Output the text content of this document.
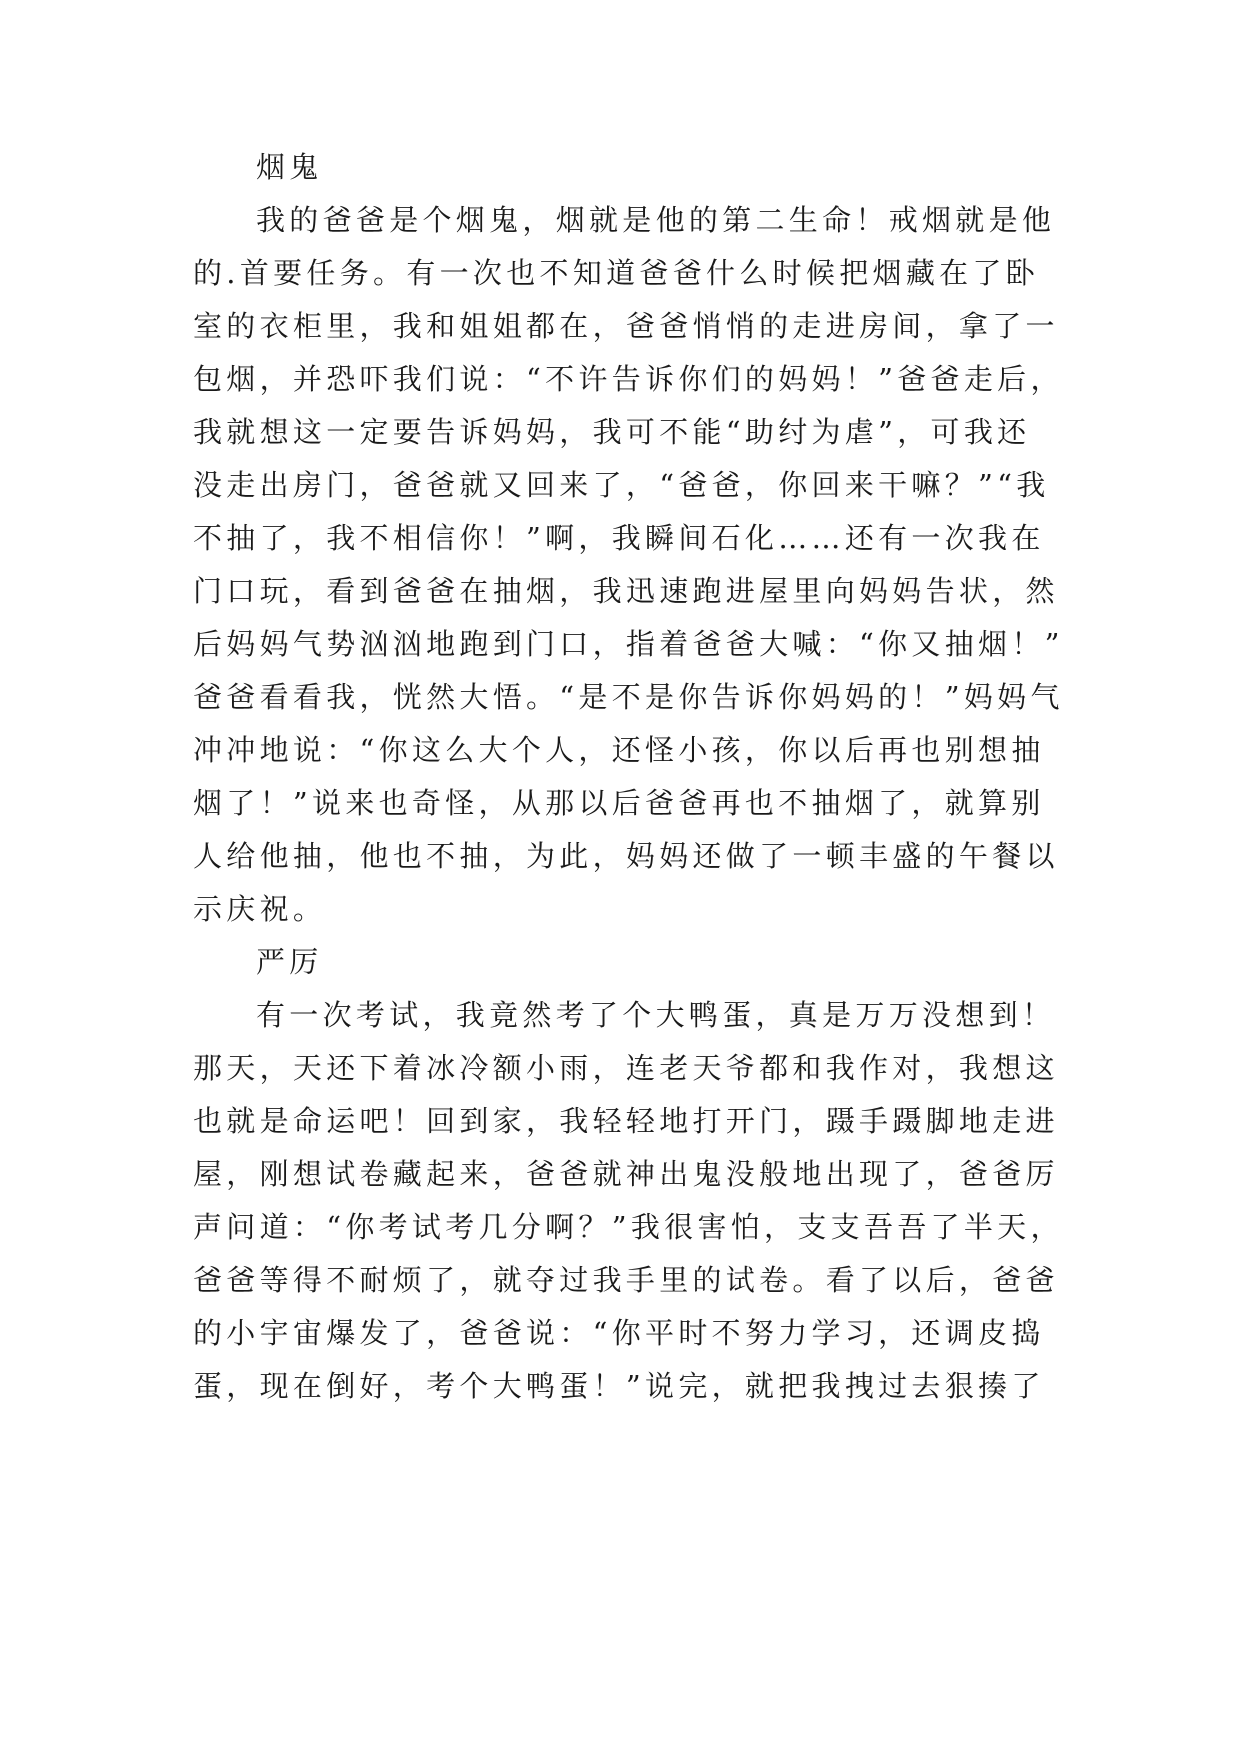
烟鬼
我的爸爸是个烟鬼，烟就是他的第二生命！戒烟就是他
的.首要任务。有一次也不知道爸爸什么时候把烟藏在了卧
室的衣柜里，我和姐姐都在，爸爸悄悄的走进房间，拿了一
包烟，并恐吓我们说：“不许告诉你们的妈妈！”爸爸走后，
我就想这一定要告诉妈妈，我可不能“助纣为虐”，可我还
没走出房门，爸爸就又回来了，“爸爸，你回来干嘛？”“我
不抽了，我不相信你！”啊，我瞬间石化……还有一次我在
门口玩，看到爸爸在抽烟，我迅速跑进屋里向妈妈告状，然
后妈妈气势汹汹地跑到门口，指着爸爸大喊：“你又抽烟！”
爸爸看看我，恍然大悟。“是不是你告诉你妈妈的！”妈妈气
冲冲地说：“你这么大个人，还怪小孩，你以后再也别想抽
烟了！”说来也奇怪，从那以后爸爸再也不抽烟了，就算别
人给他抽，他也不抽，为此，妈妈还做了一顿丰盛的午餐以
示庆祝。
严厉
有一次考试，我竟然考了个大鸭蛋，真是万万没想到！
那天，天还下着冰冷额小雨，连老天爷都和我作对，我想这
也就是命运吧！回到家，我轻轻地打开门，蹑手蹑脚地走进
屋，刚想试卷藏起来，爸爸就神出鬼没般地出现了，爸爸厉
声问道：“你考试考几分啊？”我很害怕，支支吾吾了半天，
爸爸等得不耐烦了，就夺过我手里的试卷。看了以后，爸爸
的小宇宙爆发了，爸爸说：“你平时不努力学习，还调皮捣
蛋，现在倒好，考个大鸭蛋！”说完，就把我拽过去狠揍了
